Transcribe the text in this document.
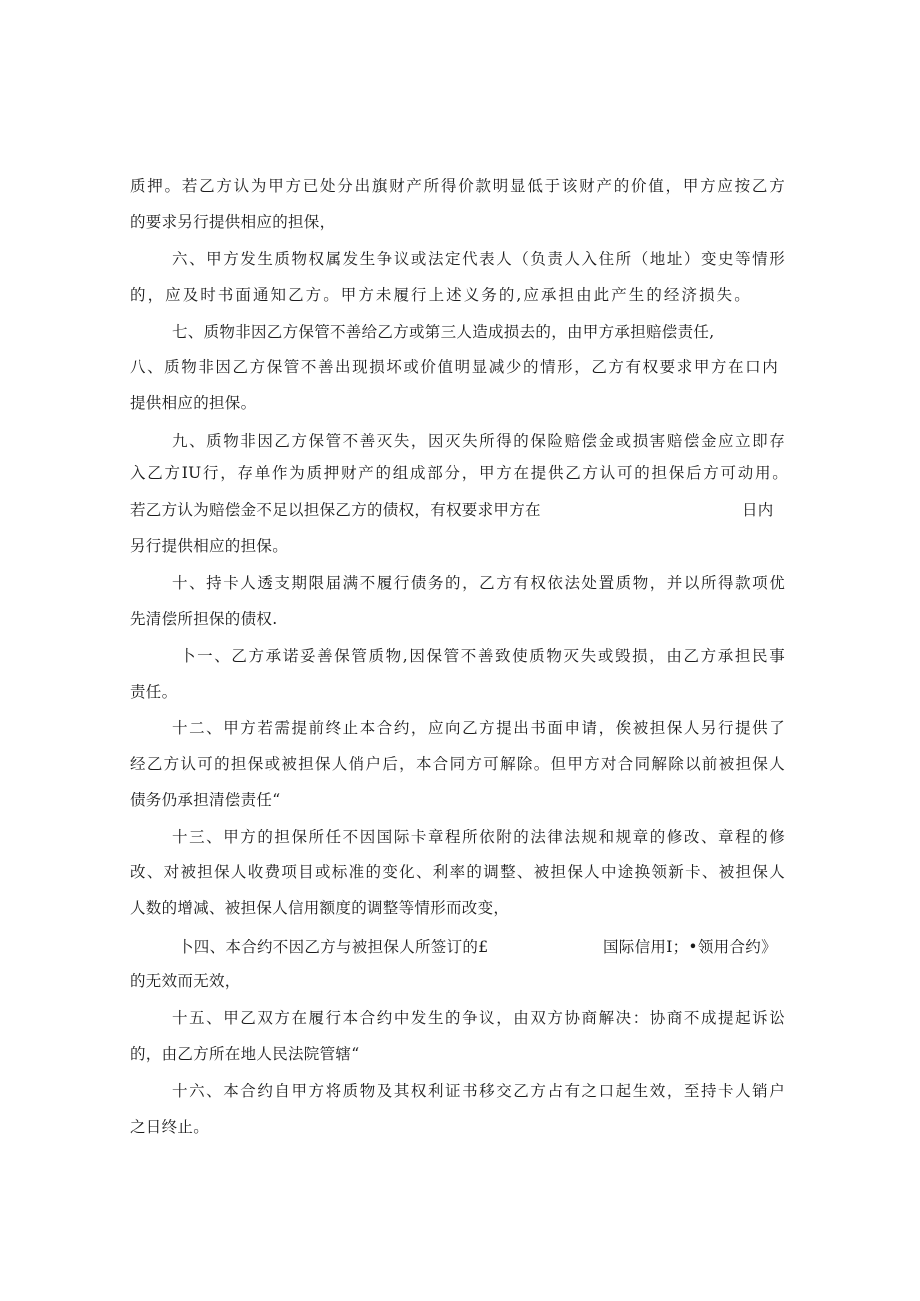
质押。若乙方认为甲方已处分出旗财产所得价款明显低于该财产的价值，甲方应按乙方
的要求另行提供相应的担保，
六、甲方发生质物权属发生争议或法定代表人（负责人入住所（地址）变史等情形
的，应及时书面通知乙方。甲方未履行上述义务的,应承担由此产生的经济损失。
七、质物非因乙方保管不善给乙方或第三人造成损去的，由甲方承担赔偿责任,
八、质物非因乙方保管不善出现损坏或价值明显减少的情形，乙方有权要求甲方在口内
提供相应的担保。
九、质物非因乙方保管不善灭失，因灭失所得的保险赔偿金或损害赔偿金应立即存
入乙方IU行，存单作为质押财产的组成部分，甲方在提供乙方认可的担保后方可动用。
若乙方认为赔偿金不足以担保乙方的债权，有权要求甲方在	日内
另行提供相应的担保。
十、持卡人透支期限届满不履行债务的，乙方有权依法处置质物，并以所得款项优
先清偿所担保的债权.
卜一、乙方承诺妥善保管质物,因保管不善致使质物灭失或毁损，由乙方承担民事
责任。
十二、甲方若需提前终止本合约，应向乙方提出书面申请，俟被担保人另行提供了
经乙方认可的担保或被担保人俏户后，本合同方可解除。但甲方对合同解除以前被担保人
债务仍承担清偿责任“
十三、甲方的担保所任不因国际卡章程所依附的法律法规和规章的修改、章程的修
改、对被担保人收费项目或标准的变化、利率的调整、被担保人中途换领新卡、被担保人
人数的增减、被担保人信用额度的调整等情形而改变，
卜四、本合约不因乙方与被担保人所签订的£	国际信用I；•领用合约》
的无效而无效，
十五、甲乙双方在履行本合约中发生的争议，由双方协商解决：协商不成提起诉讼
的，由乙方所在地人民法院管辖“
十六、本合约自甲方将质物及其权利证书移交乙方占有之口起生效，至持卡人销户
之日终止。
